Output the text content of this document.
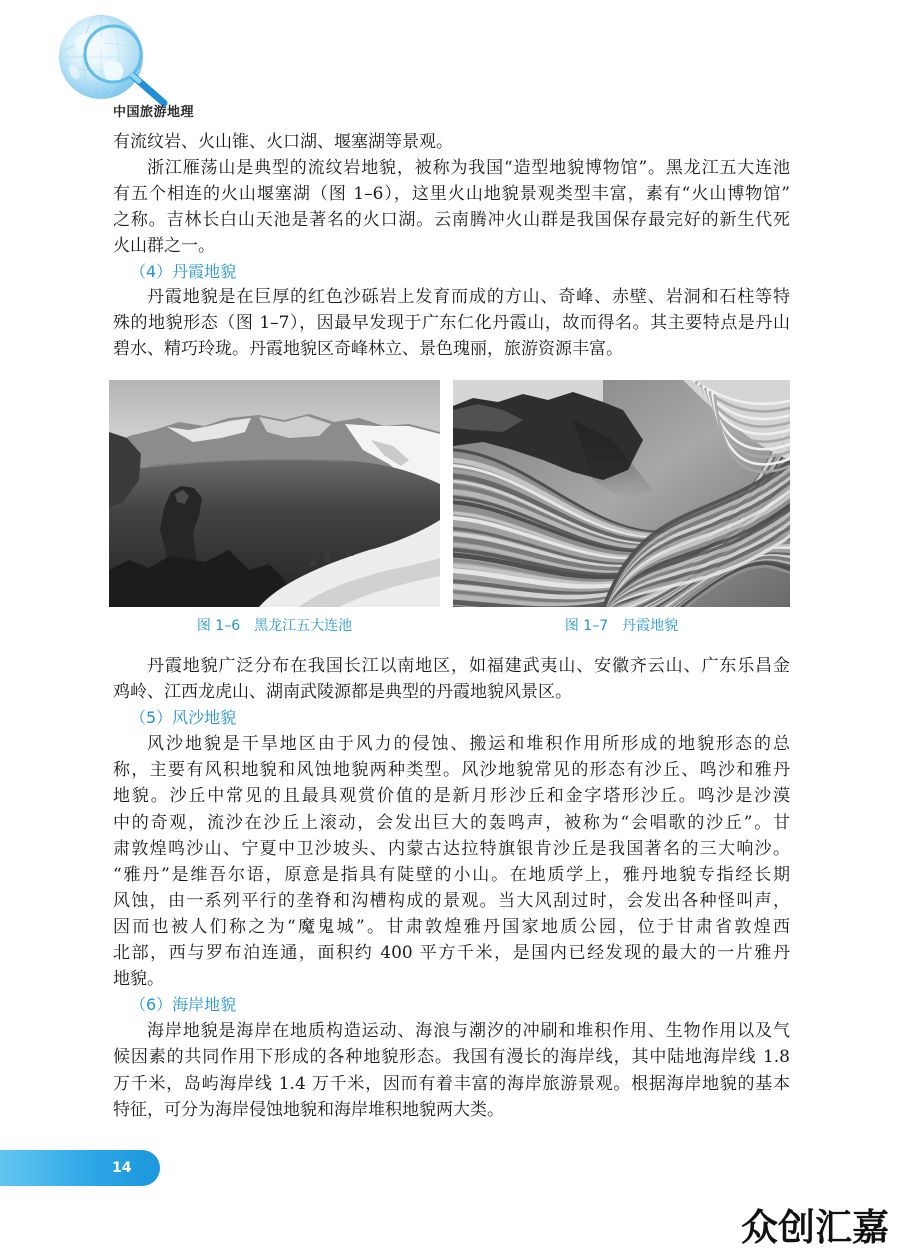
中国旅游地理
有流纹岩、火山锥、火口湖、堰塞湖等景观。
浙江雁荡山是典型的流纹岩地貌，被称为我国“造型地貌博物馆”。黑龙江五大连池
有五个相连的火山堰塞湖（图 1–6），这里火山地貌景观类型丰富，素有“火山博物馆”
之称。吉林长白山天池是著名的火口湖。云南腾冲火山群是我国保存最完好的新生代死
火山群之一。
（4）丹霞地貌
丹霞地貌是在巨厚的红色沙砾岩上发育而成的方山、奇峰、赤壁、岩洞和石柱等特
殊的地貌形态（图 1–7），因最早发现于广东仁化丹霞山，故而得名。其主要特点是丹山
碧水、精巧玲珑。丹霞地貌区奇峰林立、景色瑰丽，旅游资源丰富。
图 1–6 黑龙江五大连池	图 1–7 丹霞地貌
丹霞地貌广泛分布在我国长江以南地区，如福建武夷山、安徽齐云山、广东乐昌金
鸡岭、江西龙虎山、湖南武陵源都是典型的丹霞地貌风景区。
（5）风沙地貌
风沙地貌是干旱地区由于风力的侵蚀、搬运和堆积作用所形成的地貌形态的总
称，主要有风积地貌和风蚀地貌两种类型。风沙地貌常见的形态有沙丘、鸣沙和雅丹
地貌。沙丘中常见的且最具观赏价值的是新月形沙丘和金字塔形沙丘。鸣沙是沙漠
中的奇观，流沙在沙丘上滚动，会发出巨大的轰鸣声，被称为“会唱歌的沙丘”。甘
肃敦煌鸣沙山、宁夏中卫沙坡头、内蒙古达拉特旗银肯沙丘是我国著名的三大响沙。
“雅丹”是维吾尔语，原意是指具有陡壁的小山。在地质学上，雅丹地貌专指经长期
风蚀，由一系列平行的垄脊和沟槽构成的景观。当大风刮过时，会发出各种怪叫声，
因而也被人们称之为“魔鬼城”。甘肃敦煌雅丹国家地质公园，位于甘肃省敦煌西
北部，西与罗布泊连通，面积约 400 平方千米，是国内已经发现的最大的一片雅丹
地貌。
（6）海岸地貌
海岸地貌是海岸在地质构造运动、海浪与潮汐的冲刷和堆积作用、生物作用以及气
候因素的共同作用下形成的各种地貌形态。我国有漫长的海岸线，其中陆地海岸线 1.8
万千米，岛屿海岸线 1.4 万千米，因而有着丰富的海岸旅游景观。根据海岸地貌的基本
特征，可分为海岸侵蚀地貌和海岸堆积地貌两大类。
14
众创汇嘉
